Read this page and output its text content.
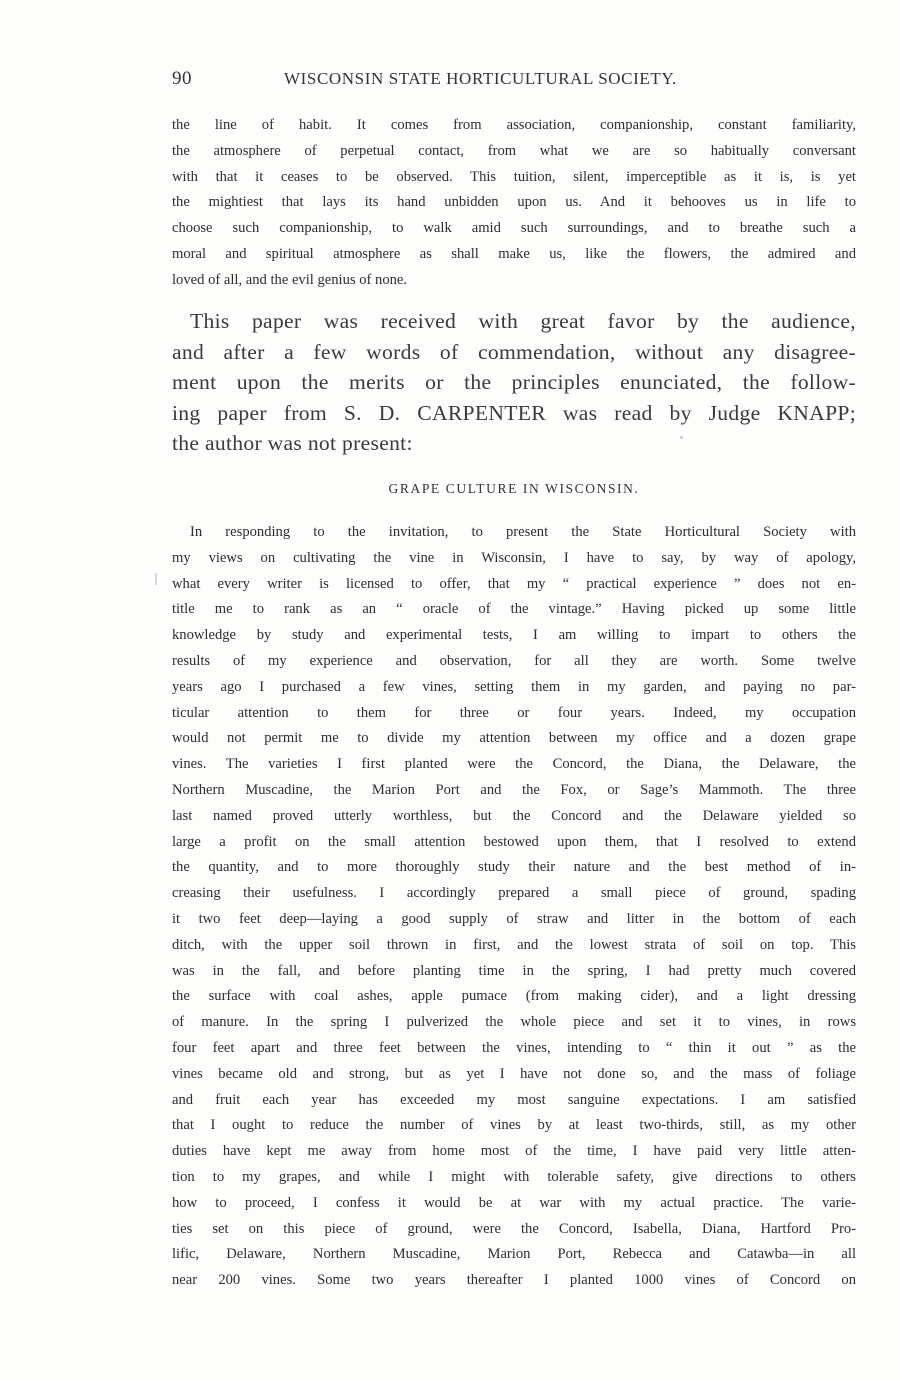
90	WISCONSIN STATE HORTICULTURAL SOCIETY.
the line of habit. It comes from association, companionship, constant familiarity,
the atmosphere of perpetual contact, from what we are so habitually conversant
with that it ceases to be observed. This tuition, silent, imperceptible as it is, is yet
the mightiest that lays its hand unbidden upon us. And it behooves us in life to
choose such companionship, to walk amid such surroundings, and to breathe such a
moral and spiritual atmosphere as shall make us, like the flowers, the admired and
loved of all, and the evil genius of none.
This paper was received with great favor by the audience,
and after a few words of commendation, without any disagree-
ment upon the merits or the principles enunciated, the follow-
ing paper from S. D. CARPENTER was read by Judge KNAPP;
the author was not present:
GRAPE CULTURE IN WISCONSIN.
In responding to the invitation, to present the State Horticultural Society with
my views on cultivating the vine in Wisconsin, I have to say, by way of apology,
what every writer is licensed to offer, that my “ practical experience ” does not en-
title me to rank as an “ oracle of the vintage.” Having picked up some little
knowledge by study and experimental tests, I am willing to impart to others the
results of my experience and observation, for all they are worth. Some twelve
years ago I purchased a few vines, setting them in my garden, and paying no par-
ticular attention to them for three or four years. Indeed, my occupation
would not permit me to divide my attention between my office and a dozen grape
vines. The varieties I first planted were the Concord, the Diana, the Delaware, the
Northern Muscadine, the Marion Port and the Fox, or Sage’s Mammoth. The three
last named proved utterly worthless, but the Concord and the Delaware yielded so
large a profit on the small attention bestowed upon them, that I resolved to extend
the quantity, and to more thoroughly study their nature and the best method of in-
creasing their usefulness. I accordingly prepared a small piece of ground, spading
it two feet deep—laying a good supply of straw and litter in the bottom of each
ditch, with the upper soil thrown in first, and the lowest strata of soil on top. This
was in the fall, and before planting time in the spring, I had pretty much covered
the surface with coal ashes, apple pumace (from making cider), and a light dressing
of manure. In the spring I pulverized the whole piece and set it to vines, in rows
four feet apart and three feet between the vines, intending to “ thin it out ” as the
vines became old and strong, but as yet I have not done so, and the mass of foliage
and fruit each year has exceeded my most sanguine expectations. I am satisfied
that I ought to reduce the number of vines by at least two-thirds, still, as my other
duties have kept me away from home most of the time, I have paid very little atten-
tion to my grapes, and while I might with tolerable safety, give directions to others
how to proceed, I confess it would be at war with my actual practice. The varie-
ties set on this piece of ground, were the Concord, Isabella, Diana, Hartford Pro-
lific, Delaware, Northern Muscadine, Marion Port, Rebecca and Catawba—in all
near 200 vines. Some two years thereafter I planted 1000 vines of Concord on
